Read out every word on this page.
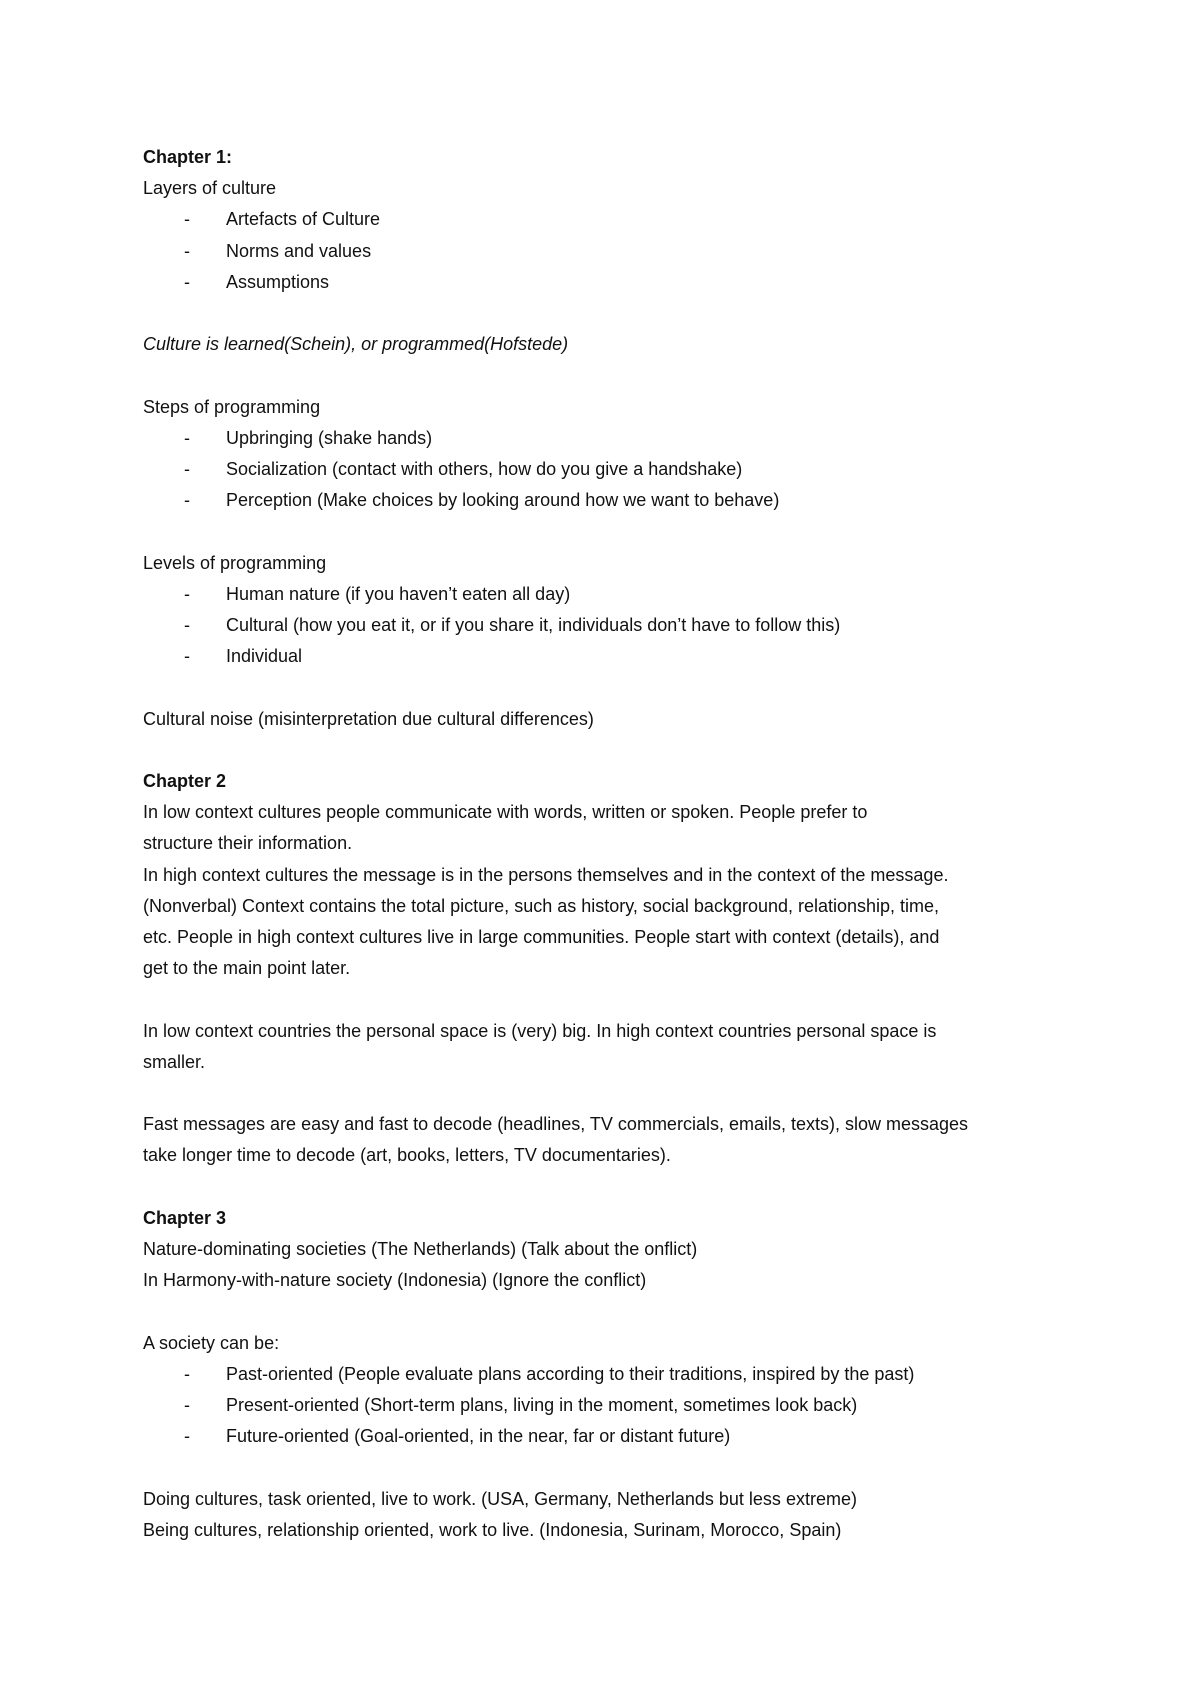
Chapter 1:

Layers of culture

-	Artefacts of Culture
-	Norms and values
-	Assumptions

Culture is learned(Schein), or programmed(Hofstede)

Steps of programming

-	Upbringing (shake hands)
-	Socialization (contact with others, how do you give a handshake)
-	Perception (Make choices by looking around how we want to behave)

Levels of programming

-	Human nature (if you haven’t eaten all day)
-	Cultural (how you eat it, or if you share it, individuals don’t have to follow this)
-	Individual

Cultural noise (misinterpretation due cultural differences)

Chapter 2

In low context cultures people communicate with words, written or spoken. People prefer to

structure their information.

In high context cultures the message is in the persons themselves and in the context of the message.

(Nonverbal) Context contains the total picture, such as history, social background, relationship, time,

etc. People in high context cultures live in large communities. People start with context (details), and

get to the main point later.

In low context countries the personal space is (very) big. In high context countries personal space is

smaller.

Fast messages are easy and fast to decode (headlines, TV commercials, emails, texts), slow messages

take longer time to decode (art, books, letters, TV documentaries).

Chapter 3

Nature-dominating societies (The Netherlands) (Talk about the onflict)

In Harmony-with-nature society (Indonesia) (Ignore the conflict)

A society can be:

-	Past-oriented (People evaluate plans according to their traditions, inspired by the past)
-	Present-oriented (Short-term plans, living in the moment, sometimes look back)
-	Future-oriented (Goal-oriented, in the near, far or distant future)

Doing cultures, task oriented, live to work. (USA, Germany, Netherlands but less extreme)

Being cultures, relationship oriented, work to live. (Indonesia, Surinam, Morocco, Spain)
